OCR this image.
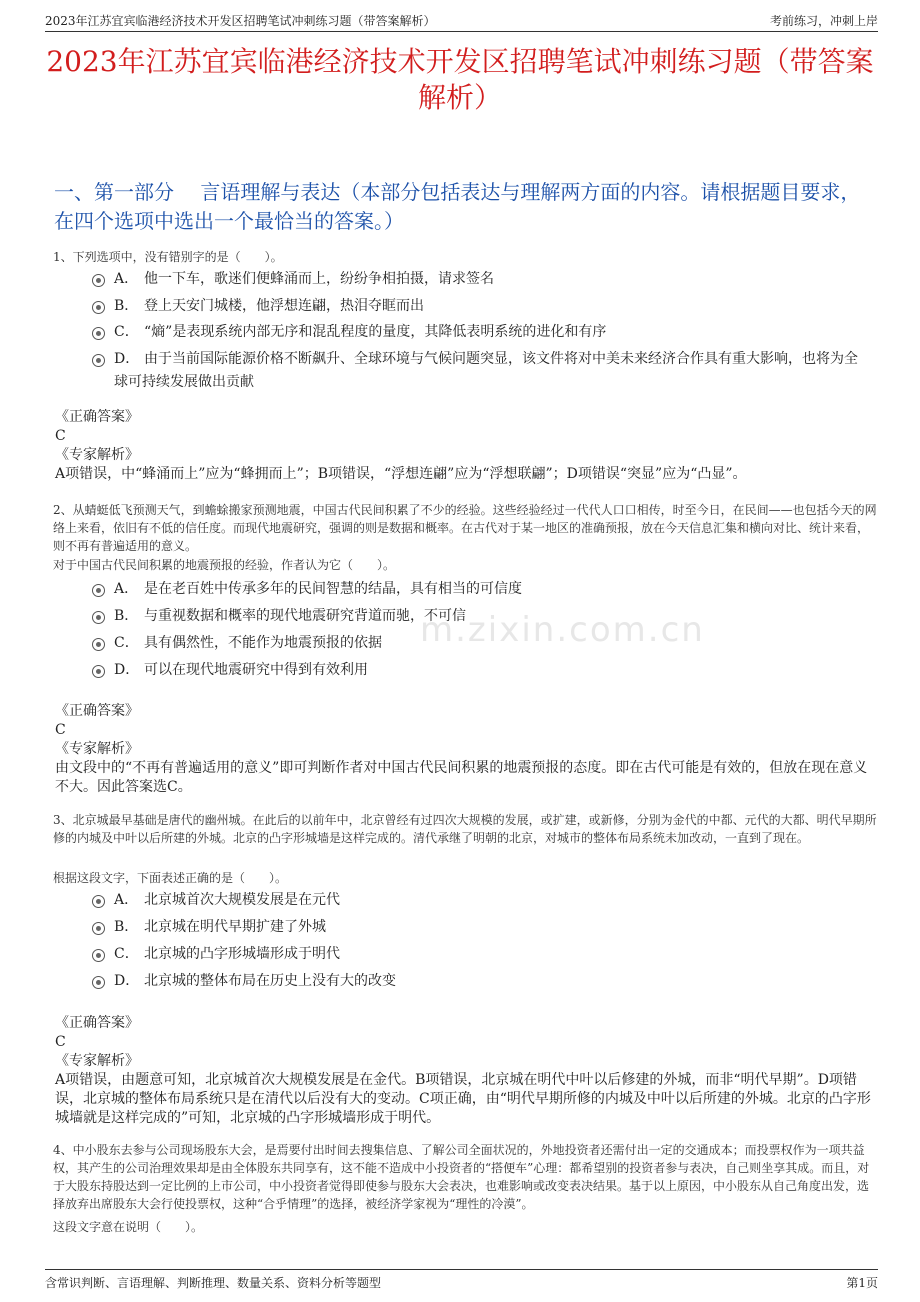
2023年江苏宜宾临港经济技术开发区招聘笔试冲刺练习题（带答案解析）	考前练习，冲刺上岸
2023年江苏宜宾临港经济技术开发区招聘笔试冲刺练习题（带答案解析）
一、第一部分　 言语理解与表达（本部分包括表达与理解两方面的内容。请根据题目要求，在四个选项中选出一个最恰当的答案。）
1、下列选项中，没有错别字的是（　　）。
A． 他一下车，歌迷们便蜂涌而上，纷纷争相拍摄，请求签名
B． 登上天安门城楼，他浮想连翩，热泪夺眶而出
C． “熵”是表现系统内部无序和混乱程度的量度，其降低表明系统的进化和有序
D． 由于当前国际能源价格不断飙升、全球环境与气候问题突显，该文件将对中美未来经济合作具有重大影响，也将为全球可持续发展做出贡献
《正确答案》
C
《专家解析》
A项错误，中“蜂涌而上”应为“蜂拥而上”；B项错误，“浮想连翩”应为“浮想联翩”；D项错误“突显”应为“凸显”。
2、从蜻蜓低飞预测天气，到蟾蜍搬家预测地震，中国古代民间积累了不少的经验。这些经验经过一代代人口口相传，时至今日，在民间——也包括今天的网络上来看，依旧有不低的信任度。而现代地震研究，强调的则是数据和概率。在古代对于某一地区的准确预报，放在今天信息汇集和横向对比、统计来看，则不再有普遍适用的意义。
对于中国古代民间积累的地震预报的经验，作者认为它（　　）。
A． 是在老百姓中传承多年的民间智慧的结晶，具有相当的可信度
B． 与重视数据和概率的现代地震研究背道而驰，不可信
C． 具有偶然性，不能作为地震预报的依据
D． 可以在现代地震研究中得到有效利用
《正确答案》
C
《专家解析》
由文段中的“不再有普遍适用的意义”即可判断作者对中国古代民间积累的地震预报的态度。即在古代可能是有效的，但放在现在意义不大。因此答案选C。
3、北京城最早基础是唐代的幽州城。在此后的以前年中，北京曾经有过四次大规模的发展，或扩建，或新修，分别为金代的中都、元代的大都、明代早期所修的内城及中叶以后所建的外城。北京的凸字形城墙是这样完成的。清代承继了明朝的北京，对城市的整体布局系统未加改动，一直到了现在。
根据这段文字，下面表述正确的是（　　）。
A． 北京城首次大规模发展是在元代
B． 北京城在明代早期扩建了外城
C． 北京城的凸字形城墙形成于明代
D． 北京城的整体布局在历史上没有大的改变
《正确答案》
C
《专家解析》
A项错误，由题意可知，北京城首次大规模发展是在金代。B项错误，北京城在明代中叶以后修建的外城，而非“明代早期”。D项错误，北京城的整体布局系统只是在清代以后没有大的变动。C项正确，由“明代早期所修的内城及中叶以后所建的外城。北京的凸字形城墙就是这样完成的”可知，北京城的凸字形城墙形成于明代。
4、中小股东去参与公司现场股东大会，是焉要付出时间去搜集信息、了解公司全面状况的，外地投资者还需付出一定的交通成本；而投票权作为一项共益权，其产生的公司治理效果却是由全体股东共同享有，这不能不造成中小投资者的“搭便车”心理：都希望别的投资者参与表决，自己则坐享其成。而且，对于大股东持股达到一定比例的上市公司，中小投资者觉得即使参与股东大会表决，也难影响或改变表决结果。基于以上原因，中小股东从自己角度出发，选择放弃出席股东大会行使投票权，这种“合乎情理”的选择，被经济学家视为“理性的冷漠”。
这段文字意在说明（　　）。
m.zixin.com.cn
含常识判断、言语理解、判断推理、数量关系、资料分析等题型	第1页
